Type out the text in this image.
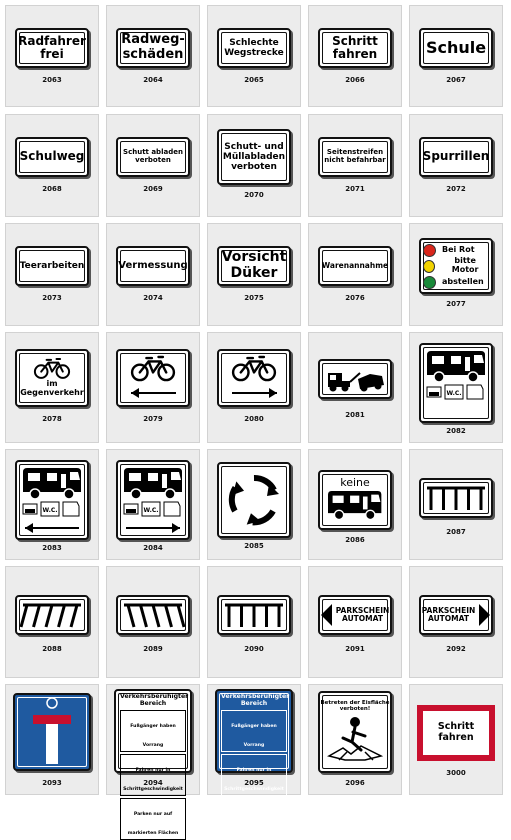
2063
Radfahrer
frei
2064
Radweg-
schäden
2065
Schlechte
Wegstrecke
2066
Schritt
fahren
2067
Schule
2068
Schulweg
2069
Schutt abladen
verboten
2070
Schutt- und
Müllabladen
verboten
2071
Seitenstreifen
nicht befahrbar
2072
Spurrillen
2073
Teerarbeiten
2074
Vermessung
2075
Vorsicht
Düker
2076
Warenannahme
2077
Bei Rot
bitte Motor
abstellen
2078
im
Gegenverkehr
2079	2080	2081
2082
W.C.
2083
W.C.
2084
W.C.
2085
2086
keine
2087
2088	2089	2090	2091
PARKSCHEIN
AUTOMAT
2092
PARKSCHEIN
AUTOMAT
2093	2094
Verkehrsberuhigter
Bereich
Fußgänger haben Vorrang
Fahren nur in
Schrittgeschwindigkeit
Parken nur auf
markierten Flächen
2095
Verkehrsberuhigter
Bereich
Fußgänger haben Vorrang
Fahren nur in
Schrittgeschwindigkeit
Parken nur auf
markierten Flächen
2096
Betreten der Eisfläche
verboten!
3000
Schritt fahren
